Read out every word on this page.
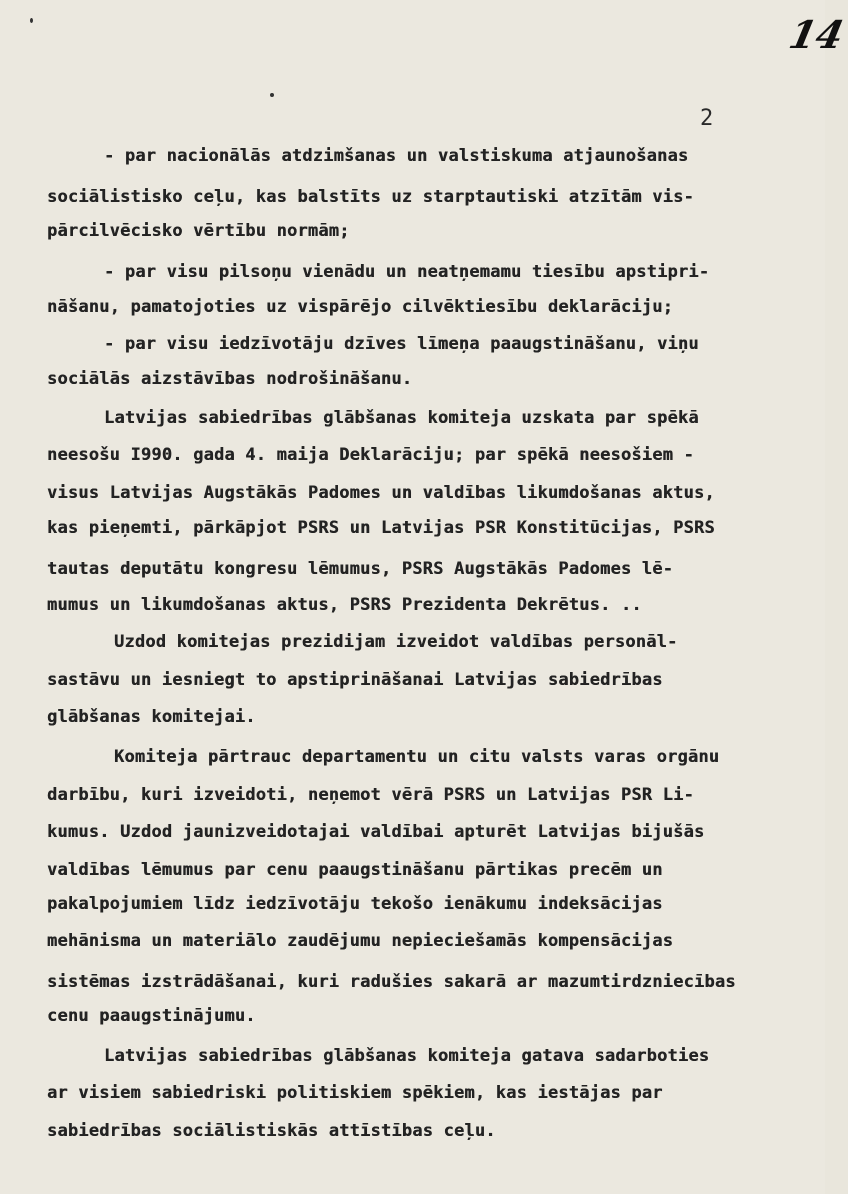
14
2
- par nacionālās atdzimšanas un valstiskuma atjaunošanas
sociālistisko ceļu, kas balstīts uz starptautiski atzītām vis-
pārcilvēcisko vērtību normām;
- par visu pilsoņu vienādu un neatņemamu tiesību apstipri-
nāšanu, pamatojoties uz vispārējo cilvēktiesību deklarāciju;
- par visu iedzīvotāju dzīves līmeņa paaugstināšanu, viņu
sociālās aizstāvības nodrošināšanu.
Latvijas sabiedrības glābšanas komiteja uzskata par spēkā
neesošu I990. gada 4. maija Deklarāciju; par spēkā neesošiem -
visus Latvijas Augstākās Padomes un valdības likumdošanas aktus,
kas pieņemti, pārkāpjot PSRS un Latvijas PSR Konstitūcijas, PSRS
tautas deputātu kongresu lēmumus, PSRS Augstākās Padomes lē-
mumus un likumdošanas aktus, PSRS Prezidenta Dekrētus. ..
Uzdod komitejas prezidijam izveidot valdības personāl-
sastāvu un iesniegt to apstiprināšanai Latvijas sabiedrības
glābšanas komitejai.
Komiteja pārtrauc departamentu un citu valsts varas orgānu
darbību, kuri izveidoti, neņemot vērā PSRS un Latvijas PSR Li-
kumus. Uzdod jaunizveidotajai valdībai apturēt Latvijas bijušās
valdības lēmumus par cenu paaugstināšanu pārtikas precēm un
pakalpojumiem līdz iedzīvotāju tekošo ienākumu indeksācijas
mehānisma un materiālo zaudējumu nepieciešamās kompensācijas
sistēmas izstrādāšanai, kuri radušies sakarā ar mazumtirdzniecības
cenu paaugstinājumu.
Latvijas sabiedrības glābšanas komiteja gatava sadarboties
ar visiem sabiedriski politiskiem spēkiem, kas iestājas par
sabiedrības sociālistiskās attīstības ceļu.
